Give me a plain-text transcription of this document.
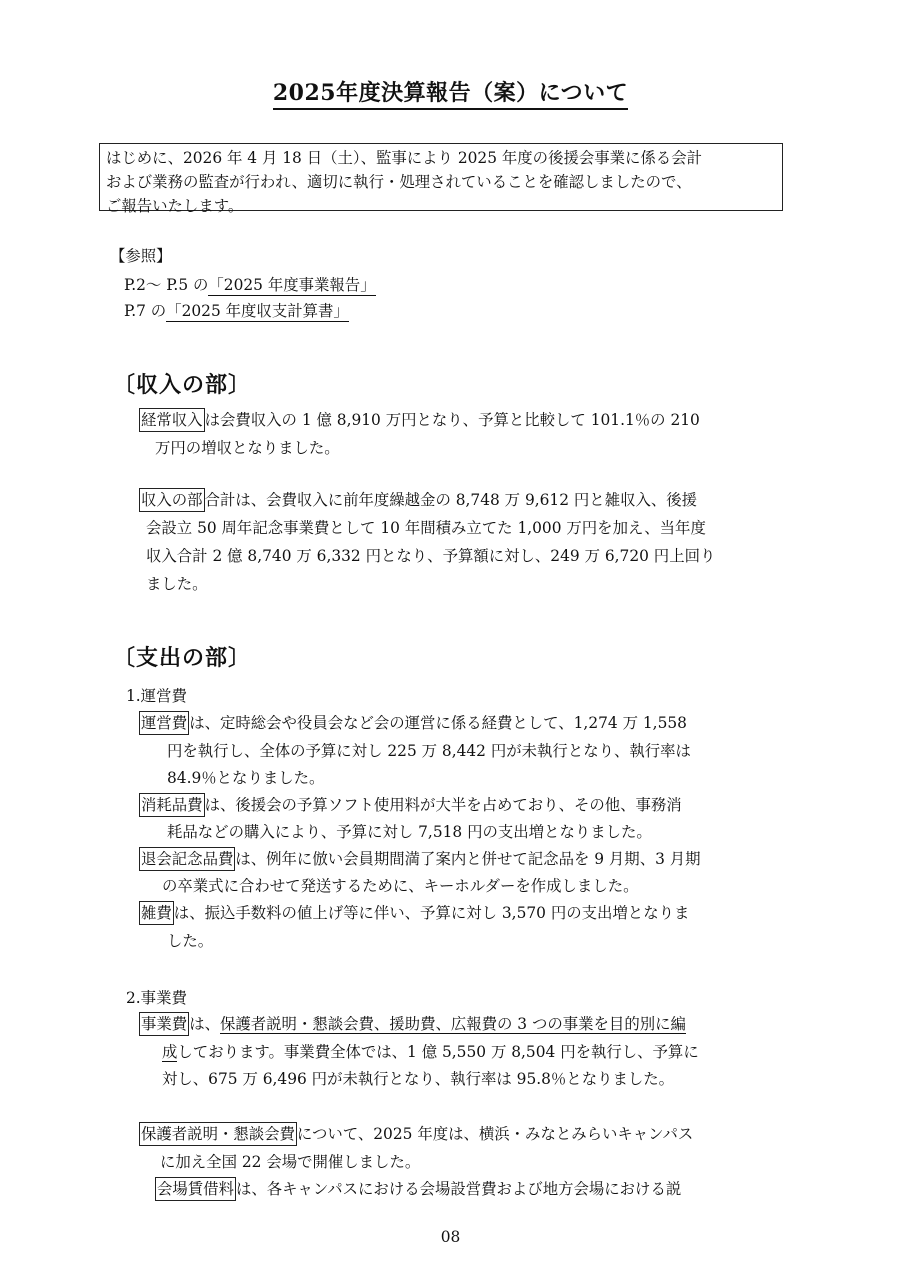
2025年度決算報告（案）について
はじめに、2026 年 4 月 18 日（土）、監事により 2025 年度の後援会事業に係る会計
および業務の監査が行われ、適切に執行・処理されていることを確認しましたので、
ご報告いたします。
【参照】
P.2～ P.5 の「2025 年度事業報告」
P.7 の「2025 年度収支計算書」
〔収入の部〕
経常収入 は会費収入の 1 億 8,910 万円となり、予算と比較して 101.1％の 210
万円の増収となりました。
収入の部 合計は、会費収入に前年度繰越金の 8,748 万 9,612 円と雑収入、後援
会設立 50 周年記念事業費として 10 年間積み立てた 1,000 万円を加え、当年度
収入合計 2 億 8,740 万 6,332 円となり、予算額に対し、249 万 6,720 円上回り
ました。
〔支出の部〕
1.運営費
運営費 は、定時総会や役員会など会の運営に係る経費として、1,274 万 1,558
円を執行し、全体の予算に対し 225 万 8,442 円が未執行となり、執行率は
84.9％となりました。
消耗品費 は、後援会の予算ソフト使用料が大半を占めており、その他、事務消
耗品などの購入により、予算に対し 7,518 円の支出増となりました。
退会記念品費 は、例年に倣い会員期間満了案内と併せて記念品を 9 月期、3 月期
の卒業式に合わせて発送するために、キーホルダーを作成しました。
雑費 は、振込手数料の値上げ等に伴い、予算に対し 3,570 円の支出増となりま
した。
2.事業費
事業費 は、保護者説明・懇談会費、援助費、広報費の 3 つの事業を目的別に編
成しております。事業費全体では、1 億 5,550 万 8,504 円を執行し、予算に
対し、675 万 6,496 円が未執行となり、執行率は 95.8％となりました。
保護者説明・懇談会費 について、2025 年度は、横浜・みなとみらいキャンパス
に加え全国 22 会場で開催しました。
会場賃借料 は、各キャンパスにおける会場設営費および地方会場における説
08
